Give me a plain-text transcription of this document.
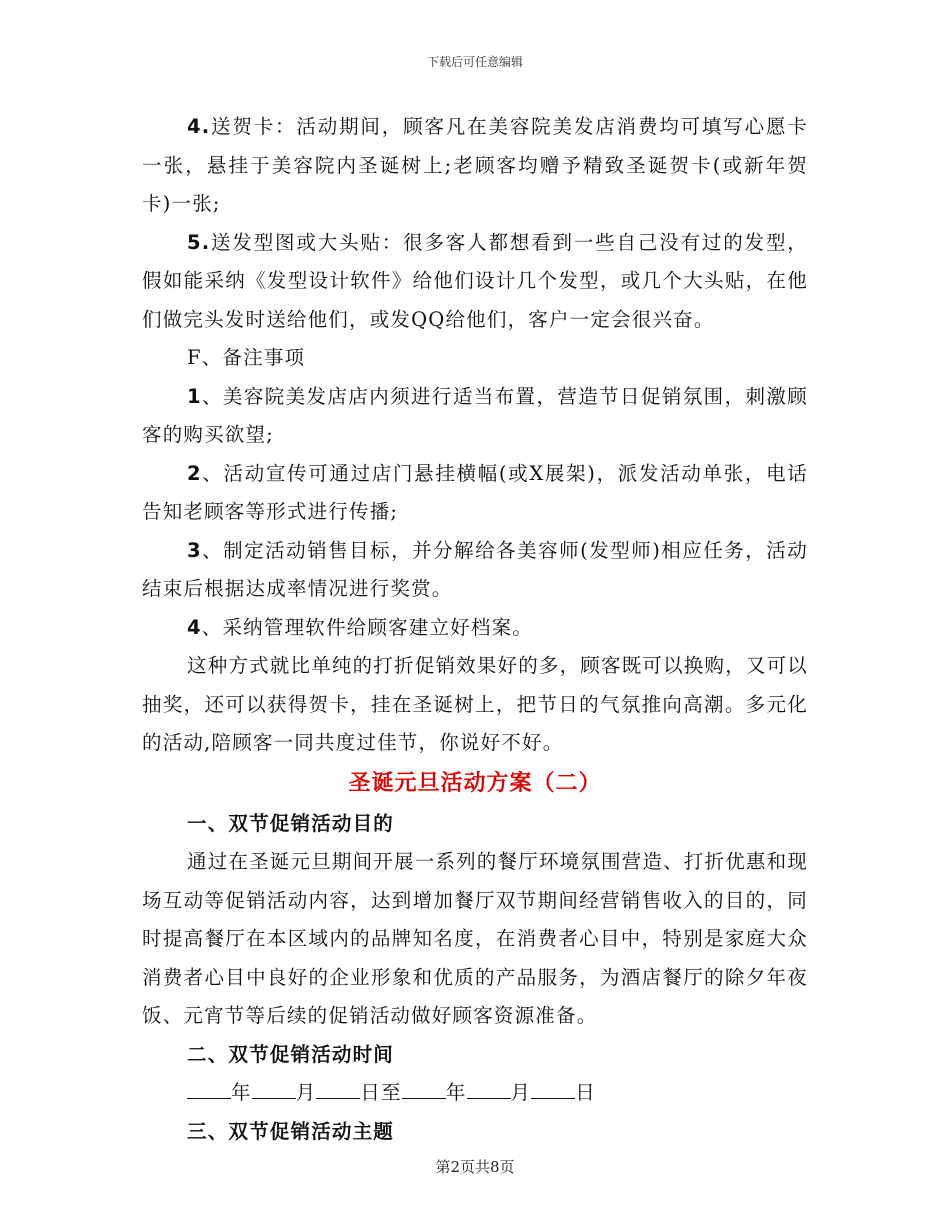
下载后可任意编辑

4.送贺卡：活动期间，顾客凡在美容院美发店消费均可填写心愿卡一张，悬挂于美容院内圣诞树上;老顾客均赠予精致圣诞贺卡(或新年贺卡)一张;

5.送发型图或大头贴：很多客人都想看到一些自己没有过的发型，假如能采纳《发型设计软件》给他们设计几个发型，或几个大头贴，在他们做完头发时送给他们，或发QQ给他们，客户一定会很兴奋。

F、备注事项

1、美容院美发店店内须进行适当布置，营造节日促销氛围，刺激顾客的购买欲望;

2、活动宣传可通过店门悬挂横幅(或X展架)，派发活动单张，电话告知老顾客等形式进行传播;

3、制定活动销售目标，并分解给各美容师(发型师)相应任务，活动结束后根据达成率情况进行奖赏。

4、采纳管理软件给顾客建立好档案。

这种方式就比单纯的打折促销效果好的多，顾客既可以换购，又可以抽奖，还可以获得贺卡，挂在圣诞树上，把节日的气氛推向高潮。多元化的活动,陪顾客一同共度过佳节，你说好不好。

圣诞元旦活动方案（二）

一、双节促销活动目的

通过在圣诞元旦期间开展一系列的餐厅环境氛围营造、打折优惠和现场互动等促销活动内容，达到增加餐厅双节期间经营销售收入的目的，同时提高餐厅在本区域内的品牌知名度，在消费者心目中，特别是家庭大众消费者心目中良好的企业形象和优质的产品服务，为酒店餐厅的除夕年夜饭、元宵节等后续的促销活动做好顾客资源准备。

二、双节促销活动时间

年 月 日至 年 月 日

三、双节促销活动主题

第2页共8页
